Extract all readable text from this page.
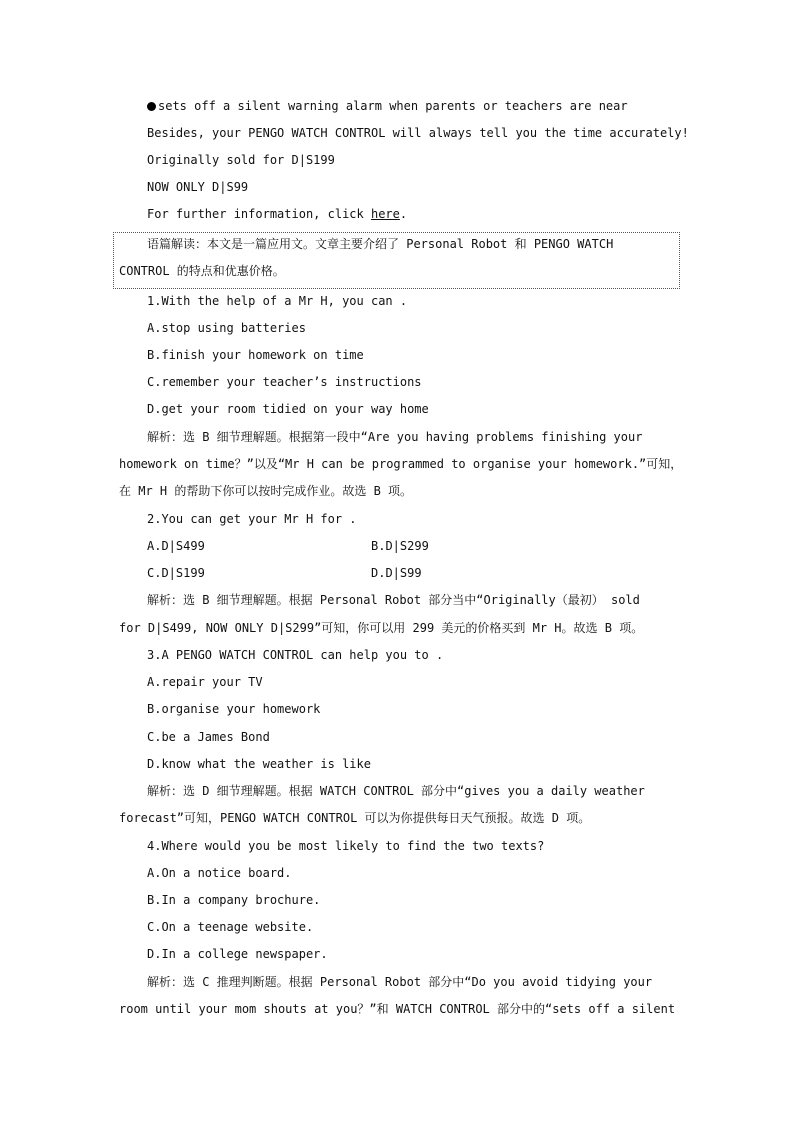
sets off a silent warning alarm when parents or teachers are near
Besides, your PENGO WATCH CONTROL will always tell you the time accurately!
Originally sold for D|S199
NOW ONLY D|S99
For further information, click here.
语篇解读：本文是一篇应用文。文章主要介绍了 Personal Robot 和 PENGO WATCH
CONTROL 的特点和优惠价格。
1.With the help of a Mr H, you can .
A.stop using batteries
B.finish your homework on time
C.remember your teacher’s instructions
D.get your room tidied on your way home
解析：选 B 细节理解题。根据第一段中“Are you having problems finishing your
homework on time？”以及“Mr H can be programmed to organise your homework.”可知，
在 Mr H 的帮助下你可以按时完成作业。故选 B 项。
2.You can get your Mr H for .
A.D|S499	B.D|S299
C.D|S199	D.D|S99
解析：选 B 细节理解题。根据 Personal Robot 部分当中“Originally（最初） sold
for D|S499, NOW ONLY D|S299”可知，你可以用 299 美元的价格买到 Mr H。故选 B 项。
3.A PENGO WATCH CONTROL can help you to .
A.repair your TV
B.organise your homework
C.be a James Bond
D.know what the weather is like
解析：选 D 细节理解题。根据 WATCH CONTROL 部分中“gives you a daily weather
forecast”可知，PENGO WATCH CONTROL 可以为你提供每日天气预报。故选 D 项。
4.Where would you be most likely to find the two texts?
A.On a notice board.
B.In a company brochure.
C.On a teenage website.
D.In a college newspaper.
解析：选 C 推理判断题。根据 Personal Robot 部分中“Do you avoid tidying your
room until your mom shouts at you？”和 WATCH CONTROL 部分中的“sets off a silent
